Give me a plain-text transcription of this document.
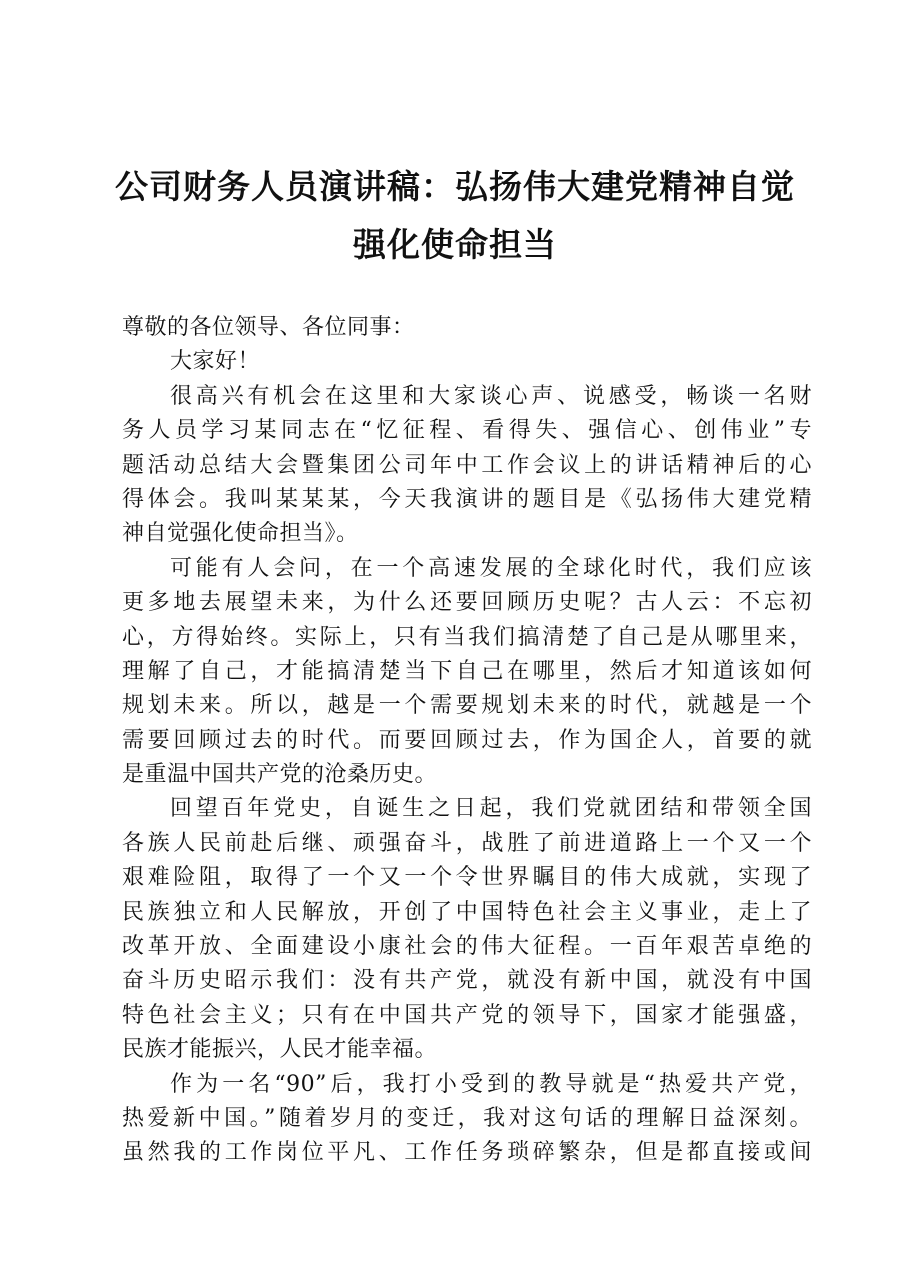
公司财务人员演讲稿：弘扬伟大建党精神自觉
强化使命担当
尊敬的各位领导、各位同事：
大家好！
很高兴有机会在这里和大家谈心声、说感受，畅谈一名财
务人员学习某同志在“忆征程、看得失、强信心、创伟业”专
题活动总结大会暨集团公司年中工作会议上的讲话精神后的心
得体会。我叫某某某，今天我演讲的题目是《弘扬伟大建党精
神自觉强化使命担当》。
可能有人会问，在一个高速发展的全球化时代，我们应该
更多地去展望未来，为什么还要回顾历史呢？古人云：不忘初
心，方得始终。实际上，只有当我们搞清楚了自己是从哪里来，
理解了自己，才能搞清楚当下自己在哪里，然后才知道该如何
规划未来。所以，越是一个需要规划未来的时代，就越是一个
需要回顾过去的时代。而要回顾过去，作为国企人，首要的就
是重温中国共产党的沧桑历史。
回望百年党史，自诞生之日起，我们党就团结和带领全国
各族人民前赴后继、顽强奋斗，战胜了前进道路上一个又一个
艰难险阻，取得了一个又一个令世界瞩目的伟大成就，实现了
民族独立和人民解放，开创了中国特色社会主义事业，走上了
改革开放、全面建设小康社会的伟大征程。一百年艰苦卓绝的
奋斗历史昭示我们：没有共产党，就没有新中国，就没有中国
特色社会主义；只有在中国共产党的领导下，国家才能强盛，
民族才能振兴，人民才能幸福。
作为一名“90”后，我打小受到的教导就是“热爱共产党，
热爱新中国。”随着岁月的变迁，我对这句话的理解日益深刻。
虽然我的工作岗位平凡、工作任务琐碎繁杂，但是都直接或间
